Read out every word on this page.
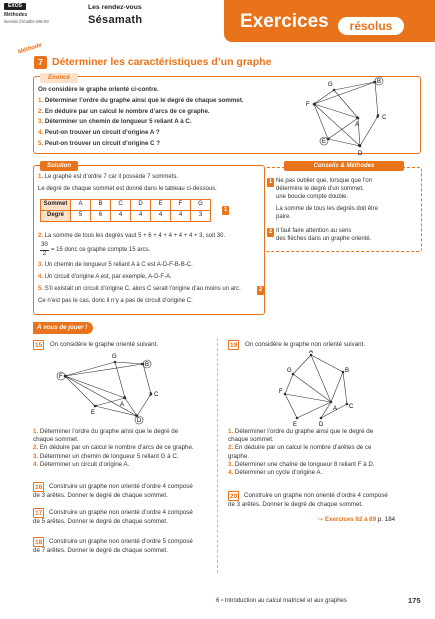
EXOS
Méthodes
lienmini.fr/maths-s06-03
Les rendez-vous
Sésamath	Exercices	résolus
Méthode
7 Déterminer les caractéristiques d’un graphe
Enoncé
On considère le graphe orienté ci-contre.
1. Déterminer l’ordre du graphe ainsi que le degré de chaque sommet.
2. En déduire par un calcul le nombre d’arcs de ce graphe.
3. Déterminer un chemin de longueur 5 reliant A à C.
4. Peut-on trouver un circuit d’origine A ?
5. Peut-on trouver un circuit d’origine C ?
G	B
F
C
A
E
D
Solution
1. Le graphe est d’ordre 7 car il possède 7 sommets.
Le degré de chaque sommet est donné dans le tableau ci-dessous.
Sommet	A	B	C	D	E	F	G
Degré	5	6	4	4	4	4	3
1
2. La somme de tous les degrés vaut 5 + 6 + 4 + 4 + 4 + 4 + 3, soit 30.
30
2
= 15 donc ce graphe compte 15 arcs.
3. Un chemin de longueur 5 reliant A à C est A-D-F-B-B-C.
4. Un circuit d’origine A est, par exemple, A-D-F-A.
5. S’il existait un circuit d’origine C, alors C serait l’origine d’au moins un arc.	2
Ce n’est pas le cas, donc il n’y a pas de circuit d’origine C.
Conseils & Méthodes
1 Ne pas oublier que, lorsque que l’on
détermine le degré d’un sommet,
une boucle compte double.
La somme de tous les degrés doit être
paire.
2 Il faut faire attention au sens
des flèches dans un graphe orienté.
À vous de jouer !
15	On considère le graphe orienté suivant.
G
B
F
C
A
E
D
1. Déterminer l’ordre du graphe ainsi que le degré de
chaque sommet.
2. En déduire par un calcul le nombre d’arcs de ce graphe.
3. Déterminer un chemin de longueur 5 reliant G à C.
4. Déterminer un circuit d’origine A.
16	Construire un graphe non orienté d’ordre 4 composé
de 3 arêtes. Donner le degré de chaque sommet.
17	Construire un graphe non orienté d’ordre 4 composé
de 5 arêtes. Donner le degré de chaque sommet.
18	Construire un graphe non orienté d’ordre 5 composé
de 7 arêtes. Donner le degré de chaque sommet.
19	On considère le graphe non orienté suivant.
A
B
G
F
A C
E	D
1. Déterminer l’ordre du graphe ainsi que le degré de
chaque sommet.
2. En déduire par un calcul le nombre d’arêtes de ce
graphe.
3. Déterminer une chaîne de longueur 8 reliant F à D.
4. Déterminer un cycle d’origine A.
20	Construire un graphe non orienté d’ordre 4 composé
de 3 arêtes. Donner le degré de chaque sommet.
↪ Exercices 62 à 69 p. 184
6 • Introduction au calcul matriciel et aux graphes	175
